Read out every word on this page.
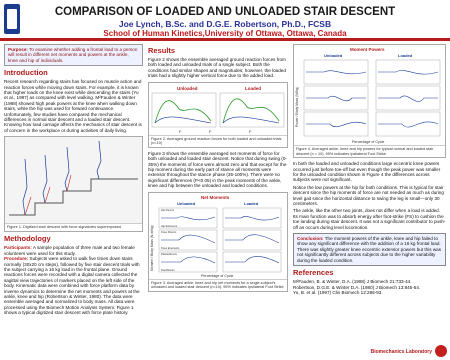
COMPARISON OF LOADED AND UNLOADED STAIR DESCENT
Joe Lynch, B.Sc. and D.G.E. Robertson, Ph.D., FCSB
School of Human Kinetics,University of Ottawa, Ottawa, Canada
Purpose: To examine whether adding a frontal load to a person will result in different net moments and powers at the ankle, knee and hip of individuals.
Introduction
Recent research regarding stairs has focused on muscle action and reaction forces while moving down stairs. For example, it is known that higher loads on the knee exist while descending the stairs (Yu et al., 1997) as compared with level walking. M²Fauden & Winter (1988) showed high peak powers at the knee when walking down stairs, while the hip was used for forward continuance. Unfortunately, few studies have compared the mechanical differences in normal stair descent and a loaded stair descent. Knowing how load carriage affects the mechanics of stair descent is of concern in the workplace or during activities of daily living.
Figure 1. Digitized stair descent with force signatures superimposed
Methodology
Participants: A sample population of three male and two female volunteers were used for this study.
Procedure: Subjects were asked to walk five times down stairs normally (30x20 cm steps), followed by five stair descent trials with the subject carrying a 16 kg load in the frontal plane. Ground reactions forces were recorded with a digital camera collected the sagittal view trajectories of markers placed on the left side of the body. Kinematic data were combined with force platform data by inverse dynamics to determine the net moments and powers at the ankle, knee and hip (Robertson & Winter, 1980). The data were ensemble averaged and normalized to body mass. All data were processed using the Biomech Motion Analysis System. Figure 1 shows a typical digitized stair descent with force plate history.
Results
Figure 2 shows the ensemble averaged ground reaction forces from both loaded and unloaded trials of a single subject. Both the conditions had similar shapes and magnitudes; however, the loaded trials had a slightly higher vertical force due to the added load.
Unloaded	Loaded
F	F	F
Figure 2. Averaged ground reaction forces for both loaded and unloaded trials (n=10)
Figure 3 shows the ensemble averaged net moments of force for both unloaded and loaded stair descent. Notice that during swing (0-35%) the moments of force were almost zero and that except for the hip moment during the early part of stance all moments were extensor throughout the stance phase (35-100%). There were no significant differences (P<0.05) in the peak moments of the ankle, knee and hip between the unloaded and loaded conditions.
Net Moments
Unloaded	Loaded
Moment / Body Mass (N.m/kg)
Percentage of Cycle
Hip Flexors
Hip Extensors
Knee Flexors
Knee Extensors
Plantarflexors
Dorsiflexors
Figure 3. Averaged ankle, knee and hip net moments for a single subject's unloaded and loaded stair descent (n=10). 95% indicates Ipsilateral Foot Strike
Moment Powers
Unloaded	Loaded
Power / Body Mass (W/kg)
Percentage of Cycle
Figure 4. Averaged ankle, knee and hip powers for typical normal and loaded stair descent (n = 10). 95% indicates Ipsilateral Foot Strike
In both the loaded and unloaded conditions large eccentric knee powers occurred just before toe-off but even though the peak power was smaller for the unloaded condition shown in Figure 4 the differences across subjects were not significant.
Notice the low powers at the hip for both conditions. This is typical for stair descent since the hip moments of force are not needed as much as during level gait since the horizontal distance to swing the leg is small—only 30 centimeters.
The ankle, like the other two joints, does not differ when a load is added. Its main function was to absorb energy after foot-strike (FS) to cushion the toe landing during stair descent. It was not a significant contributor to push-off as occurs during level locomotion.
Conclusion: The moment powers of the ankle, knee and hip failed to show any significant difference with the addition of a 16 kg frontal load. There was slightly greater knee eccentric extensor powers but this was not significantly different across subjects due to the higher variability during the loaded condition.
References
M²Fauden, B. & Winter, D.A. (1988) J Biomech 21:733-44.
Robertson, D.G.E. & Winter D.A. (1980) J Biomech 13:845-54.
Yu, B. et al. (1997) Clin Biomech 12:286-93.
Biomechanics Laboratory
